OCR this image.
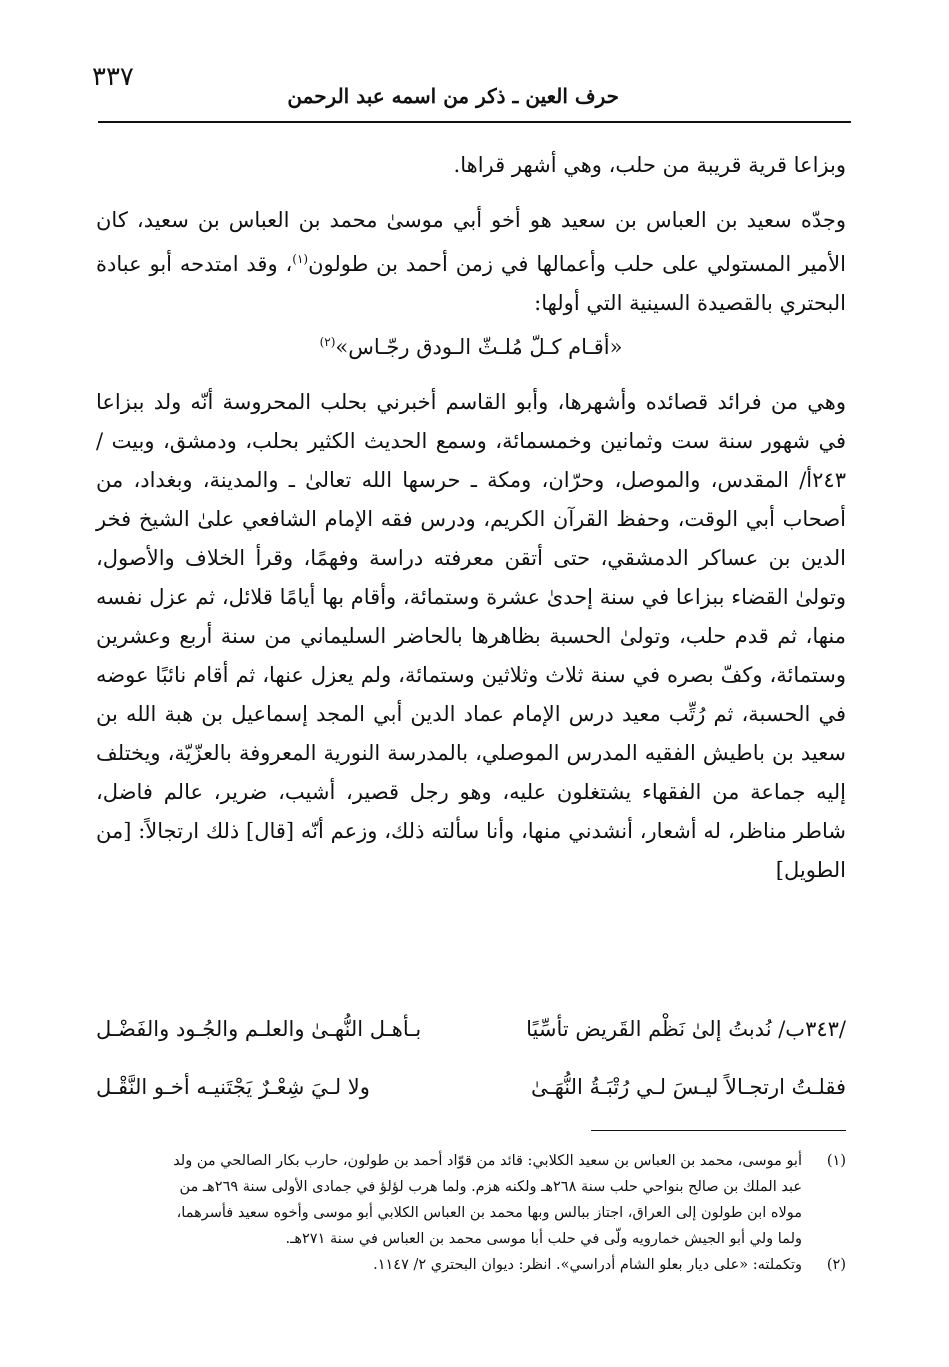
٣٣٧
حرف العين ـ ذكر من اسمه عبد الرحمن

وبزاعا قرية قريبة من حلب، وهي أشهر قراها.

وجدّه سعيد بن العباس بن سعيد هو أخو أبي موسىٰ محمد بن العباس بن سعيد، كان الأمير المستولي على حلب وأعمالها في زمن أحمد بن طولون$^{(١)}$، وقد امتدحه أبو عبادة البحتري بالقصيدة السينية التي أولها:

«أقـام كـلّ مُلـثّ الـودق رجّـاس»$^{(٢)}$

وهي من فرائد قصائده وأشهرها، وأبو القاسم أخبرني بحلب المحروسة أنّه ولد ببزاعا في شهور سنة ست وثمانين وخمسمائة، وسمع الحديث الكثير بحلب، ودمشق، وبيت /٢٤٣أ/ المقدس، والموصل، وحرّان، ومكة ـ حرسها الله تعالىٰ ـ والمدينة، وبغداد، من أصحاب أبي الوقت، وحفظ القرآن الكريم، ودرس فقه الإمام الشافعي علىٰ الشيخ فخر الدين بن عساكر الدمشقي، حتى أتقن معرفته دراسة وفهمًا، وقرأ الخلاف والأصول، وتولىٰ القضاء ببزاعا في سنة إحدىٰ عشرة وستمائة، وأقام بها أيامًا قلائل، ثم عزل نفسه منها، ثم قدم حلب، وتولىٰ الحسبة بظاهرها بالحاضر السليماني من سنة أربع وعشرين وستمائة، وكفّ بصره في سنة ثلاث وثلاثين وستمائة، ولم يعزل عنها، ثم أقام نائبًا عوضه في الحسبة، ثم رُتِّب معيد درس الإمام عماد الدين أبي المجد إسماعيل بن هبة الله بن سعيد بن باطيش الفقيه المدرس الموصلي، بالمدرسة النورية المعروفة بالعزّيّة، ويختلف إليه جماعة من الفقهاء يشتغلون عليه، وهو رجل قصير، أشيب، ضرير، عالم فاضل، شاطر مناظر، له أشعار، أنشدني منها، وأنا سألته ذلك، وزعم أنّه [قال] ذلك ارتجالاً: [من الطويل]

/٣٤٣ب/ نُدبتُ إلىٰ نَظْم القَريض تأسِّيًا
بـأهـل النُّهـىٰ والعلـم والجُـود والفَضْـل
فقلـتُ ارتجـالاً ليـسَ لـي رُتْبَـةُ النُّهَـىٰ
ولا لـيَ شِعْـرٌ يَجْتَنيـه أخـو النَّقْـل
(١)
أبو موسى، محمد بن العباس بن سعيد الكلابي: قائد من قوّاد أحمد بن طولون، حارب بكار الصالحي من ولد
عبد الملك بن صالح بنواحي حلب سنة ٢٦٨هـ ولكنه هزم. ولما هرب لؤلؤ في جمادى الأولى سنة ٢٦٩هـ من
مولاه ابن طولون إلى العراق، اجتاز ببالس وبها محمد بن العباس الكلابي أبو موسى وأخوه سعيد فأسرهما،
ولما ولي أبو الجيش خمارويه ولّى في حلب أبا موسى محمد بن العباس في سنة ٢٧١هـ.
(٢)
وتكملته: «على ديار بعلو الشام أدراسي». انظر: ديوان البحتري ٢/ ١١٤٧.
